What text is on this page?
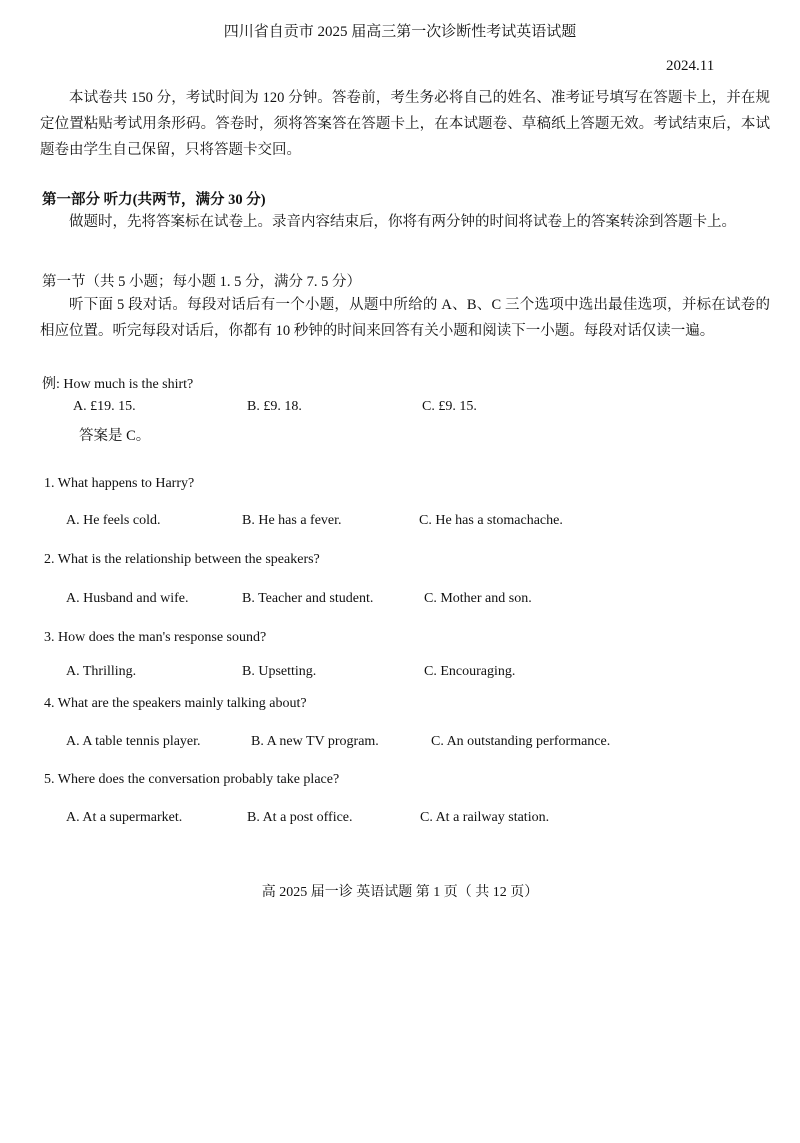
四川省自贡市 2025 届高三第一次诊断性考试英语试题
2024.11
本试卷共 150 分，考试时间为 120 分钟。答卷前，考生务必将自己的姓名、准考证号填写在答题卡上，并在规定位置粘贴考试用条形码。答卷时，须将答案答在答题卡上，在本试题卷、草稿纸上答题无效。考试结束后，本试题卷由学生自己保留，只将答题卡交回。
第一部分 听力(共两节，满分 30 分)
做题时，先将答案标在试卷上。录音内容结束后，你将有两分钟的时间将试卷上的答案转涂到答题卡上。
第一节（共 5 小题；每小题 1. 5 分，满分 7. 5 分）
听下面 5 段对话。每段对话后有一个小题，从题中所给的 A、B、C 三个选项中选出最佳选项，并标在试卷的相应位置。听完每段对话后，你都有 10 秒钟的时间来回答有关小题和阅读下一小题。每段对话仅读一遍。
例: How much is the shirt?
A. £19. 15.	B. £9. 18.	C. £9. 15.
答案是 C。
1. What happens to Harry?
A. He feels cold.	B. He has a fever.	C. He has a stomachache.
2. What is the relationship between the speakers?
A. Husband and wife.	B. Teacher and student.	C. Mother and son.
3. How does the man's response sound?
A. Thrilling.	B. Upsetting.	C. Encouraging.
4. What are the speakers mainly talking about?
A. A table tennis player.	B. A new TV program.	C. An outstanding performance.
5. Where does the conversation probably take place?
A. At a supermarket.	B. At a post office.	C. At a railway station.
高 2025 届一诊 英语试题 第 1 页（ 共 12 页）
